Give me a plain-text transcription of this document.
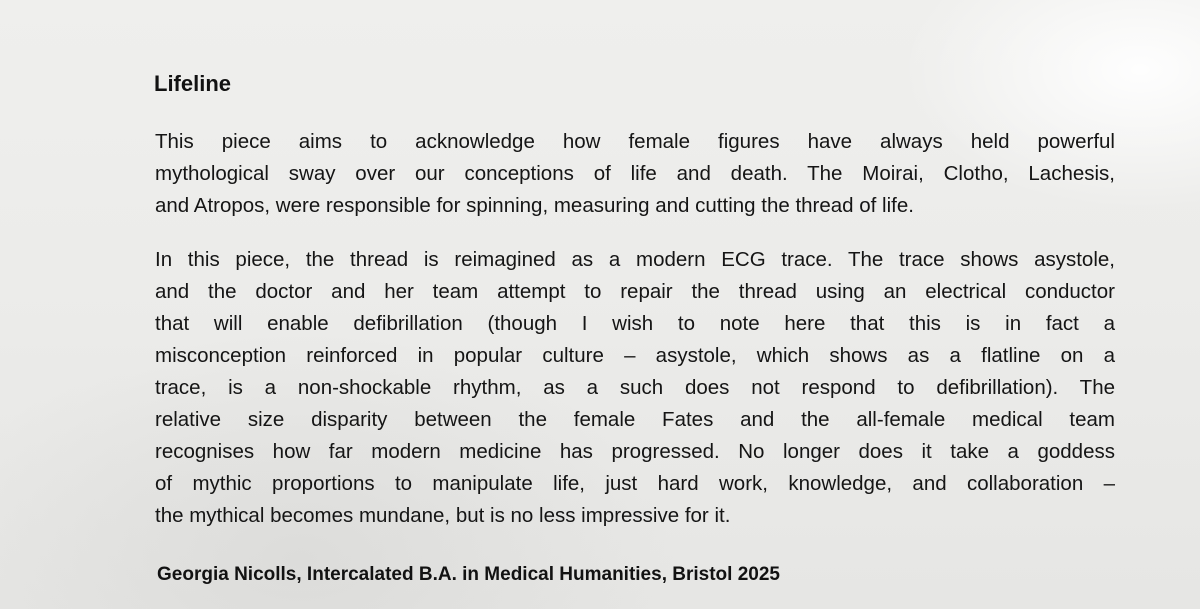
Lifeline

This piece aims to acknowledge how female figures have always held powerful
mythological sway over our conceptions of life and death. The Moirai, Clotho, Lachesis,
and Atropos, were responsible for spinning, measuring and cutting the thread of life.

In this piece, the thread is reimagined as a modern ECG trace. The trace shows asystole,
and the doctor and her team attempt to repair the thread using an electrical conductor
that will enable defibrillation (though I wish to note here that this is in fact a
misconception reinforced in popular culture – asystole, which shows as a flatline on a
trace, is a non-shockable rhythm, as a such does not respond to defibrillation). The
relative size disparity between the female Fates and the all-female medical team
recognises how far modern medicine has progressed. No longer does it take a goddess
of mythic proportions to manipulate life, just hard work, knowledge, and collaboration –
the mythical becomes mundane, but is no less impressive for it.

Georgia Nicolls, Intercalated B.A. in Medical Humanities, Bristol 2025
